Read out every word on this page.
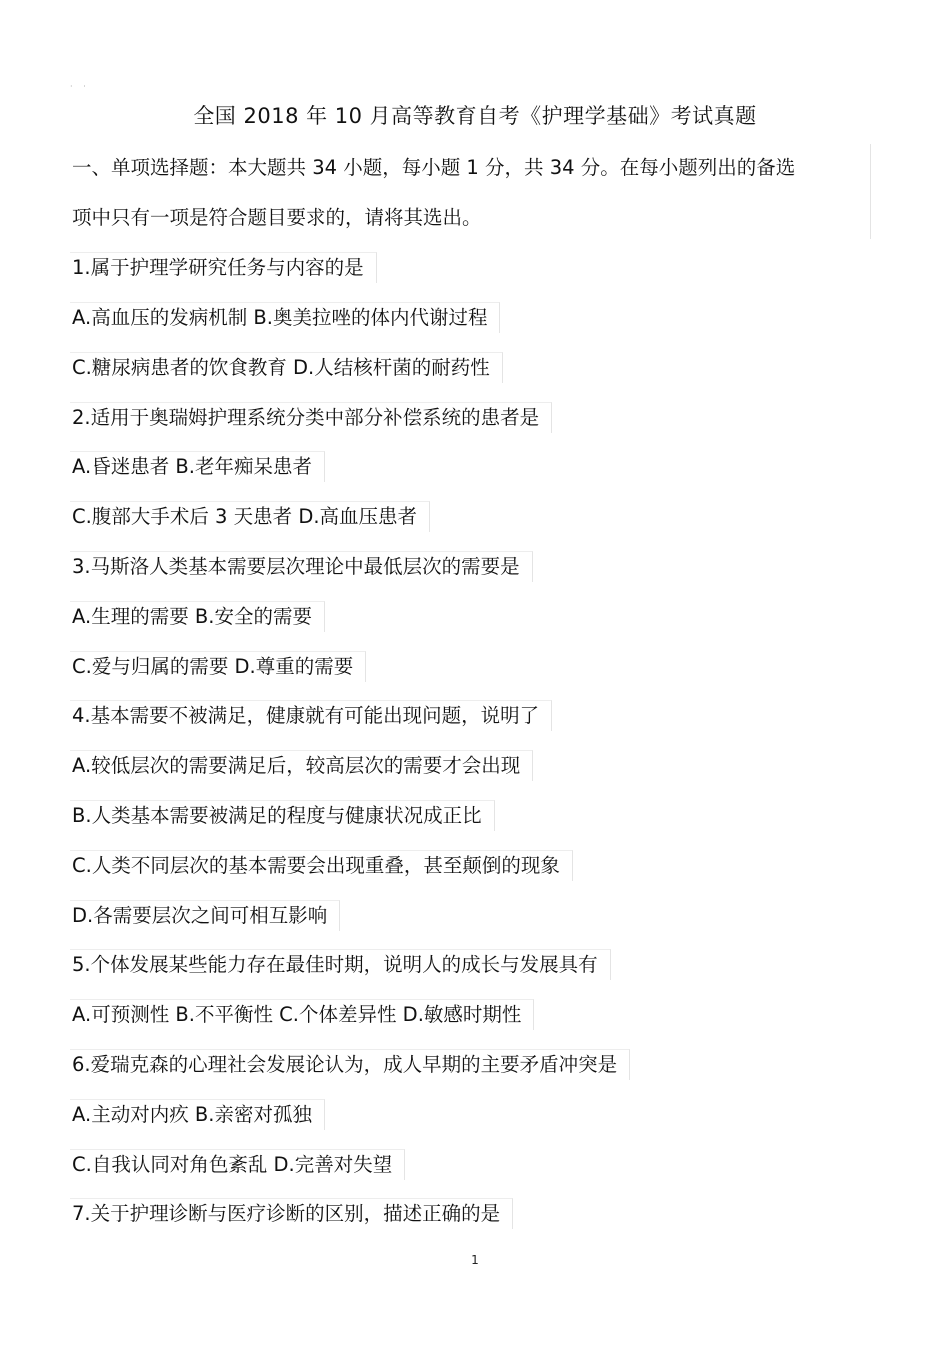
· ·
全国 2018 年 10 月高等教育自考《护理学基础》考试真题
一、单项选择题：本大题共 34 小题，每小题 1 分，共 34 分。在每小题列出的备选
项中只有一项是符合题目要求的，请将其选出。
1.属于护理学研究任务与内容的是
A.高血压的发病机制 B.奥美拉唑的体内代谢过程
C.糖尿病患者的饮食教育 D.人结核杆菌的耐药性
2.适用于奥瑞姆护理系统分类中部分补偿系统的患者是
A.昏迷患者 B.老年痴呆患者
C.腹部大手术后 3 天患者 D.高血压患者
3.马斯洛人类基本需要层次理论中最低层次的需要是
A.生理的需要 B.安全的需要
C.爱与归属的需要 D.尊重的需要
4.基本需要不被满足，健康就有可能出现问题，说明了
A.较低层次的需要满足后，较高层次的需要才会出现
B.人类基本需要被满足的程度与健康状况成正比
C.人类不同层次的基本需要会出现重叠，甚至颠倒的现象
D.各需要层次之间可相互影响
5.个体发展某些能力存在最佳时期，说明人的成长与发展具有
A.可预测性 B.不平衡性 C.个体差异性 D.敏感时期性
6.爱瑞克森的心理社会发展论认为，成人早期的主要矛盾冲突是
A.主动对内疚 B.亲密对孤独
C.自我认同对角色紊乱 D.完善对失望
7.关于护理诊断与医疗诊断的区别，描述正确的是
1
